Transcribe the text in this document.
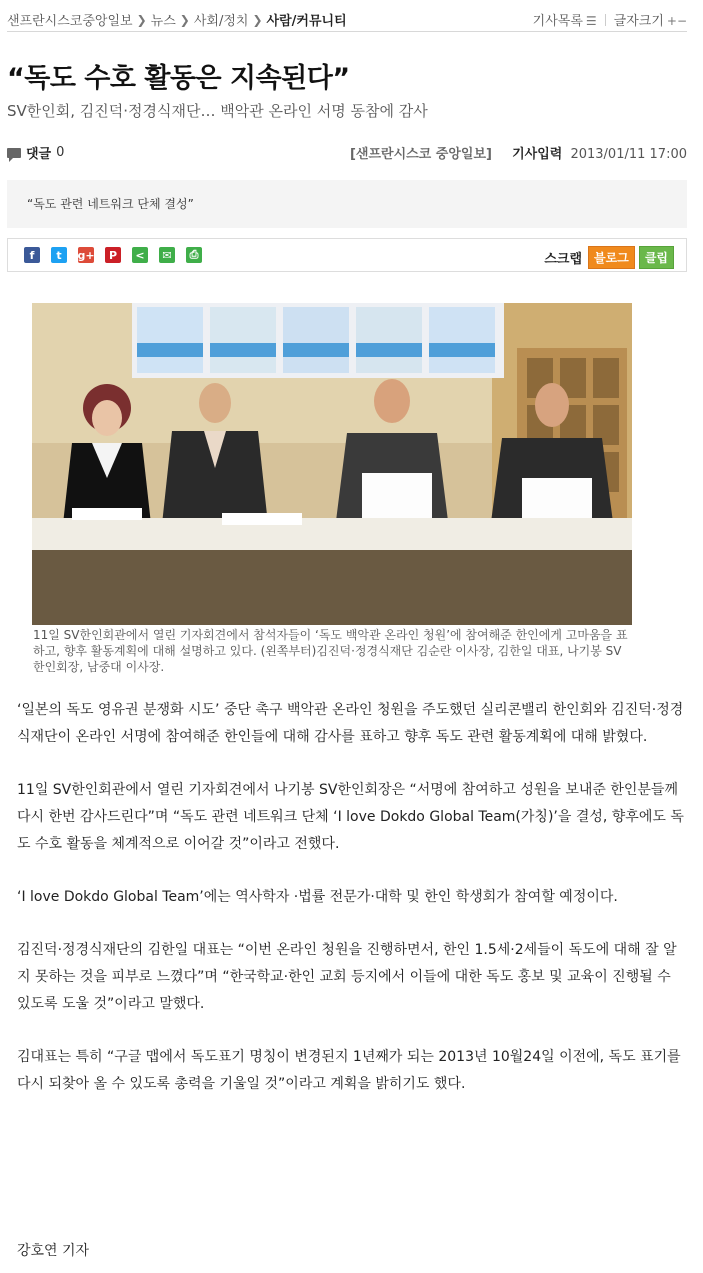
샌프란시스코중앙일보 ❯ 뉴스 ❯ 사회/정치 ❯ 사람/커뮤니티	기사목록 ☰ 글자크기 +−
“독도 수호 활동은 지속된다”
SV한인회, 김진덕·정경식재단… 백악관 온라인 서명 동참에 감사
댓글 0	[샌프란시스코 중앙일보] 기사입력 2013/01/11 17:00
“독도 관련 네트워크 단체 결성”
f	t	g+	P	<	✉	⎙	스크랩	블로그	클립
11일 SV한인회관에서 열린 기자회견에서 참석자들이 ‘독도 백악관 온라인 청원’에 참여해준 한인에게 고마움을 표하고, 향후 활동계획에 대해 설명하고 있다. (왼쪽부터)김진덕·정경식재단 김순란 이사장, 김한일 대표, 나기봉 SV한인회장, 남중대 이사장.

‘일본의 독도 영유권 분쟁화 시도’ 중단 촉구 백악관 온라인 청원을 주도했던 실리콘밸리 한인회와 김진덕·정경식재단이 온라인 서명에 참여해준 한인들에 대해 감사를 표하고 향후 독도 관련 활동계획에 대해 밝혔다.

11일 SV한인회관에서 열린 기자회견에서 나기봉 SV한인회장은 “서명에 참여하고 성원을 보내준 한인분들께 다시 한번 감사드린다”며 “독도 관련 네트워크 단체 ‘I love Dokdo Global Team(가칭)’을 결성, 향후에도 독도 수호 활동을 체계적으로 이어갈 것”이라고 전했다.

‘I love Dokdo Global Team’에는 역사학자 ·법률 전문가·대학 및 한인 학생회가 참여할 예정이다.

김진덕·정경식재단의 김한일 대표는 “이번 온라인 청원을 진행하면서, 한인 1.5세·2세들이 독도에 대해 잘 알지 못하는 것을 피부로 느꼈다”며 “한국학교·한인 교회 등지에서 이들에 대한 독도 홍보 및 교육이 진행될 수 있도록 도울 것”이라고 말했다.

김대표는 특히 “구글 맵에서 독도표기 명칭이 변경된지 1년째가 되는 2013년 10월24일 이전에, 독도 표기를 다시 되찾아 올 수 있도록 총력을 기울일 것”이라고 계획을 밝히기도 했다.

강호연 기자
